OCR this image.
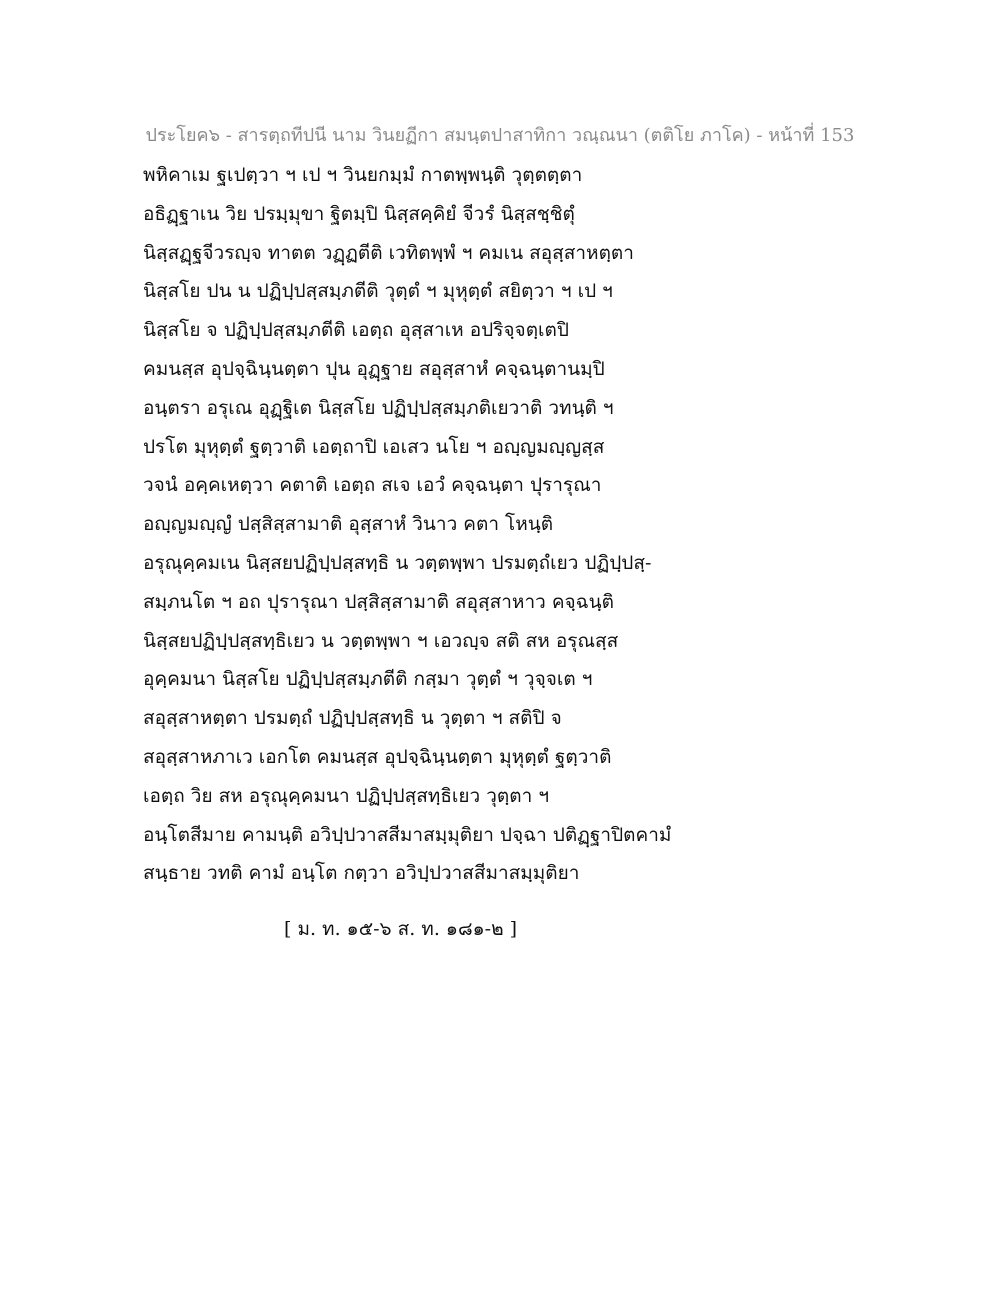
ประโยค๖ - สารตฺถทีปนี นาม วินยฏีกา สมนฺตปาสาทิกา วณฺณนา (ตติโย ภาโค) - หน้าที่ 153
พหิคาเม ฐเปตฺวา ฯ เป ฯ วินยกมฺมํ กาตพฺพนฺติ วุตฺตตฺตา
อธิฏฺฐาเน วิย ปรมฺมุขา ฐิตมฺปิ นิสฺสคฺคิยํ จีวรํ นิสฺสชฺชิตุํ
นิสฺสฏฺฐจีวรญฺจ ทาตต วฏฺฏตีติ เวทิตพฺพํ ฯ คมเน สอุสฺสาหตฺตา
นิสฺสโย ปน น ปฏิปฺปสฺสมฺภตีติ วุตฺตํ ฯ มุหุตฺตํ สยิตฺวา ฯ เป ฯ
นิสฺสโย จ ปฏิปฺปสฺสมฺภตีติ เอตฺถ อุสฺสาเห อปริจฺจตฺเตปิ
คมนสฺส อุปจฺฉินฺนตฺตา ปุน อุฏฺฐาย สอุสฺสาหํ คจฺฉนฺตานมฺปิ
อนฺตรา อรุเณ อุฏฺฐิเต นิสฺสโย ปฏิปฺปสฺสมฺภติเยวาติ วทนฺติ ฯ
ปรโต มุหุตฺตํ ฐตฺวาติ เอตฺถาปิ เอเสว นโย ฯ อญฺญมญฺญสฺส
วจนํ อคฺคเหตฺวา คตาติ เอตฺถ สเจ เอวํ คจฺฉนฺตา ปุรารุณา
อญฺญมญฺญํ ปสฺสิสฺสามาติ อุสฺสาหํ วินาว คตา โหนฺติ
อรุณุคฺคมเน นิสฺสยปฏิปฺปสฺสทฺธิ น วตฺตพฺพา ปรมตฺถํเยว ปฏิปฺปสฺ-
สมฺภนโต ฯ อถ ปุรารุณา ปสฺสิสฺสามาติ สอุสฺสาหาว คจฺฉนฺติ
นิสฺสยปฏิปฺปสฺสทฺธิเยว น วตฺตพฺพา ฯ เอวญฺจ สติ สห อรุณสฺส
อุคฺคมนา นิสฺสโย ปฏิปฺปสฺสมฺภตีติ กสฺมา วุตฺตํ ฯ วุจฺจเต ฯ
สอุสฺสาหตฺตา ปรมตฺถํ ปฏิปฺปสฺสทฺธิ น วุตฺตา ฯ สติปิ จ
สอุสฺสาหภาเว เอกโต คมนสฺส อุปจฺฉินฺนตฺตา มุหุตฺตํ ฐตฺวาติ
เอตฺถ วิย สห อรุณุคฺคมนา ปฏิปฺปสฺสทฺธิเยว วุตฺตา ฯ
อนฺโตสีมาย คามนฺติ อวิปฺปวาสสีมาสมฺมุติยา ปจฺฉา ปติฏฺฐาปิตคามํ
สนฺธาย วทติ คามํ อนฺโต กตฺวา อวิปฺปวาสสีมาสมฺมุติยา
[ ม. ท. ๑๕-๖ ส. ท. ๑๘๑-๒ ]
